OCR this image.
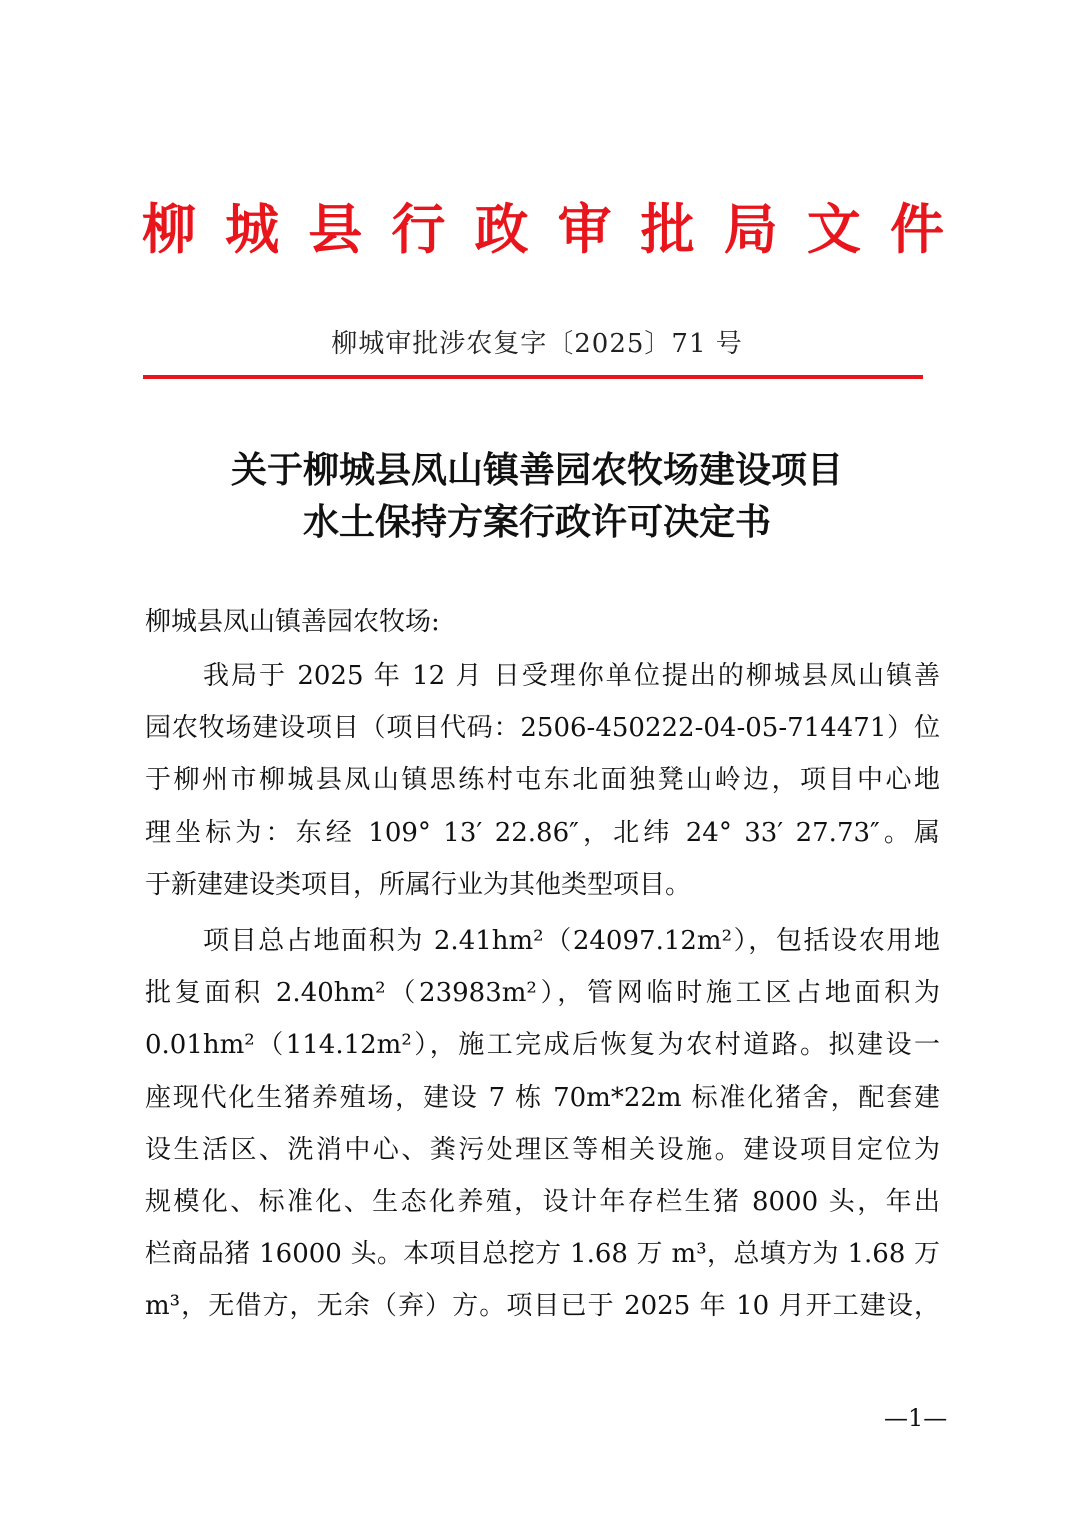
柳 城 县 行 政 审 批 局 文 件
柳城审批涉农复字〔2025〕71 号
关于柳城县凤山镇善园农牧场建设项目
水土保持方案行政许可决定书
柳城县凤山镇善园农牧场:
我局于 2025 年 12 月 日受理你单位提出的柳城县凤山镇善
园农牧场建设项目（项目代码：2506-450222-04-05-714471）位
于柳州市柳城县凤山镇思练村屯东北面独凳山岭边，项目中心地
理坐标为：东经 109° 13′ 22.86″，北纬 24° 33′ 27.73″。属
于新建建设类项目，所属行业为其他类型项目。
项目总占地面积为 2.41hm²（24097.12m²），包括设农用地
批复面积 2.40hm²（23983m²），管网临时施工区占地面积为
0.01hm²（114.12m²），施工完成后恢复为农村道路。拟建设一
座现代化生猪养殖场，建设 7 栋 70m*22m 标准化猪舍，配套建
设生活区、洗消中心、粪污处理区等相关设施。建设项目定位为
规模化、标准化、生态化养殖，设计年存栏生猪 8000 头，年出
栏商品猪 16000 头。本项目总挖方 1.68 万 m³，总填方为 1.68 万
m³，无借方，无余（弃）方。项目已于 2025 年 10 月开工建设，
—1—
